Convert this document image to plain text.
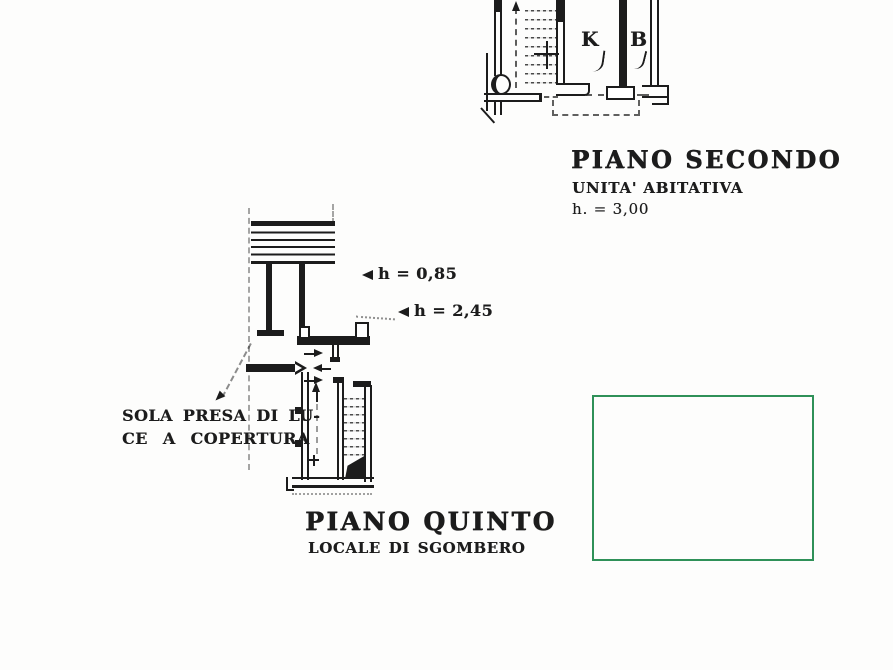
K B
PIANO SECONDO
UNITA' ABITATIVA
h. = 3,00
h = 0,85
h = 2,45
SOLA PRESA DI LU-
CE A COPERTURA
PIANO QUINTO
LOCALE DI SGOMBERO
